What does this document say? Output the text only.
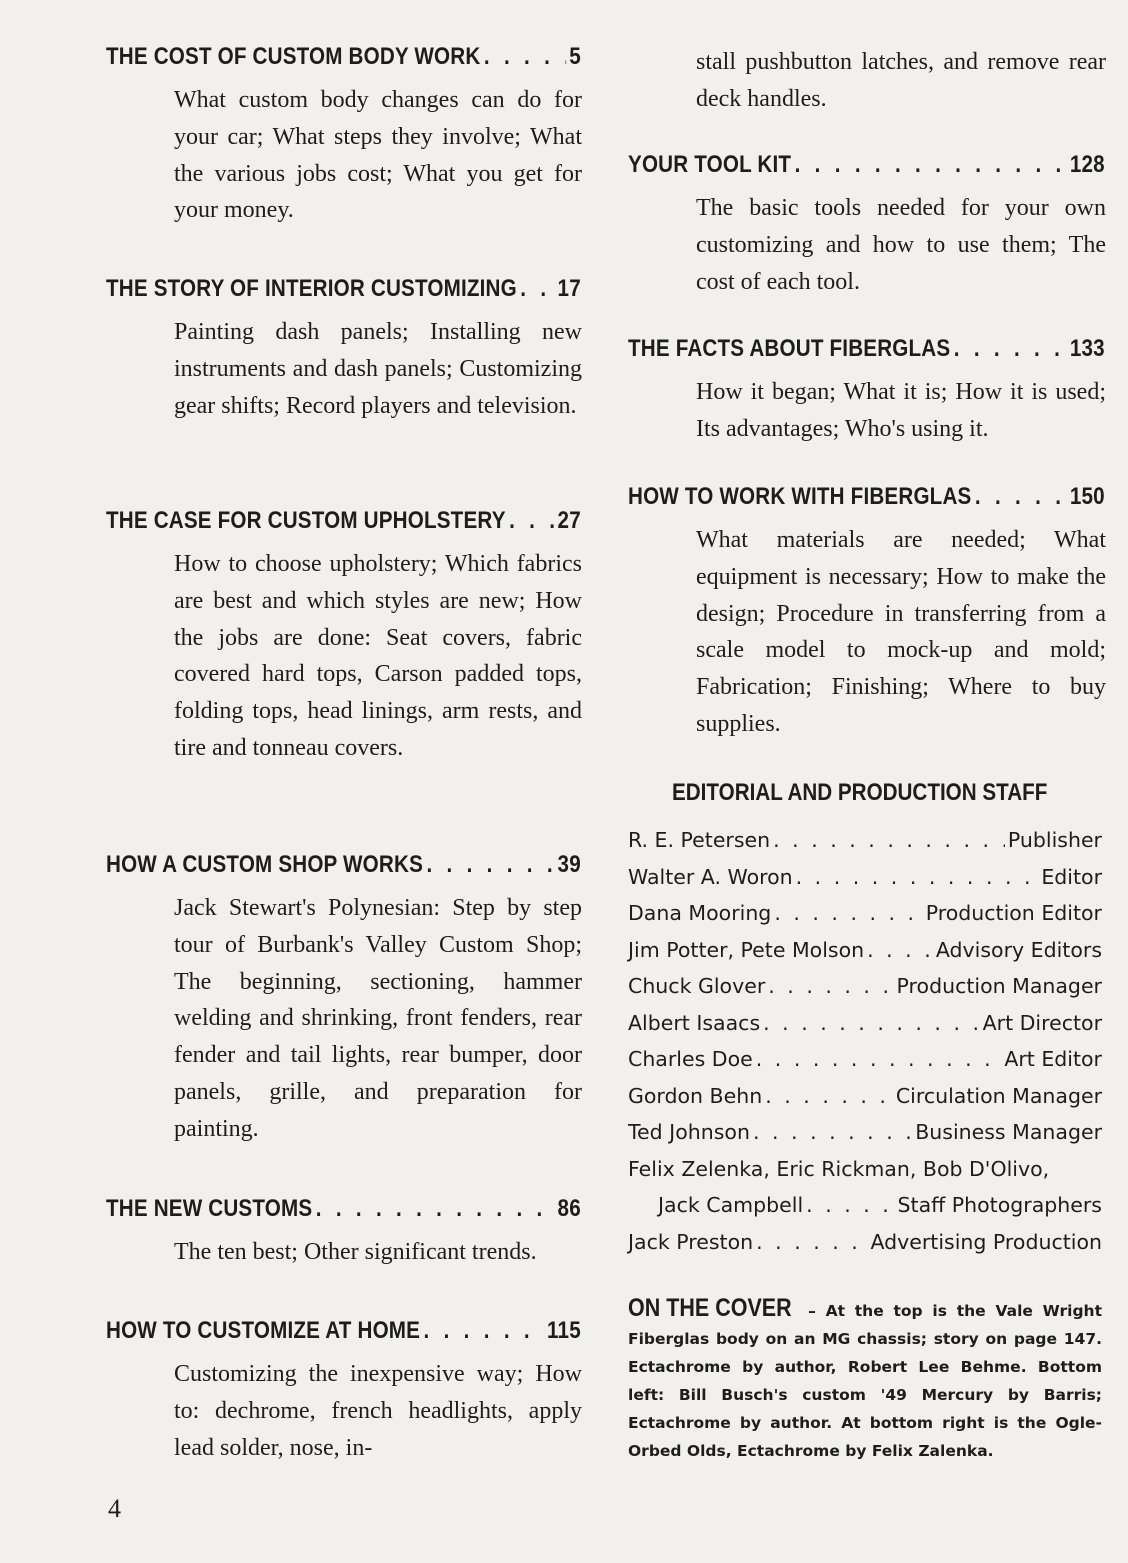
THE COST OF CUSTOM BODY WORK . . .	5
What custom body changes can do for your car; What steps they involve; What the various jobs cost; What you get for your money.
THE STORY OF INTERIOR CUSTOMIZING . . . 17
Painting dash panels; Installing new instruments and dash panels; Customizing gear shifts; Record players and television.
THE CASE FOR CUSTOM UPHOLSTERY . . . 27
How to choose upholstery; Which fabrics are best and which styles are new; How the jobs are done: Seat covers, fabric covered hard tops, Carson padded tops, folding tops, head linings, arm rests, and tire and tonneau covers.
HOW A CUSTOM SHOP WORKS . . .	39
Jack Stewart's Polynesian: Step by step tour of Burbank's Valley Custom Shop; The beginning, sectioning, hammer welding and shrinking, front fenders, rear fender and tail lights, rear bumper, door panels, grille, and preparation for painting.
THE NEW CUSTOMS . . .	86
The ten best; Other significant trends.
HOW TO CUSTOMIZE AT HOME . . .	115
Customizing the inexpensive way; How to: dechrome, french headlights, apply lead solder, nose, in-
stall pushbutton latches, and remove rear deck handles.
EDITORIAL AND PRODUCTION STAFF
R. E. Petersen . . .	Publisher
Walter A. Woron . . .	Editor
Dana Mooring . . .	Production Editor
Jim Potter, Pete Molson . . .	Advisory Editors
Chuck Glover . . .	Production Manager
Albert Isaacs . . .	Art Director
Charles Doe . . .	Art Editor
Gordon Behn . . .	Circulation Manager
Ted Johnson . . .	Business Manager
Felix Zelenka, Eric Rickman, Bob D'Olivo,
Jack Campbell . . .	Staff Photographers
Jack Preston . . .	Advertising Production
ON THE COVER – At the top is the Vale Wright Fiberglas body on an MG chassis; story on page 147. Ectachrome by author, Robert Lee Behme. Bottom left: Bill Busch's custom '49 Mercury by Barris; Ectachrome by author. At bottom right is the Ogle-Orbed Olds, Ectachrome by Felix Zalenka.
YOUR TOOL KIT . . .	128
The basic tools needed for your own customizing and how to use them; The cost of each tool.
THE FACTS ABOUT FIBERGLAS . . .	133
How it began; What it is; How it is used; Its advantages; Who's using it.
HOW TO WORK WITH FIBERGLAS . . .	150
What materials are needed; What equipment is necessary; How to make the design; Procedure in transferring from a scale model to mock-up and mold; Fabrication; Finishing; Where to buy supplies.
4
